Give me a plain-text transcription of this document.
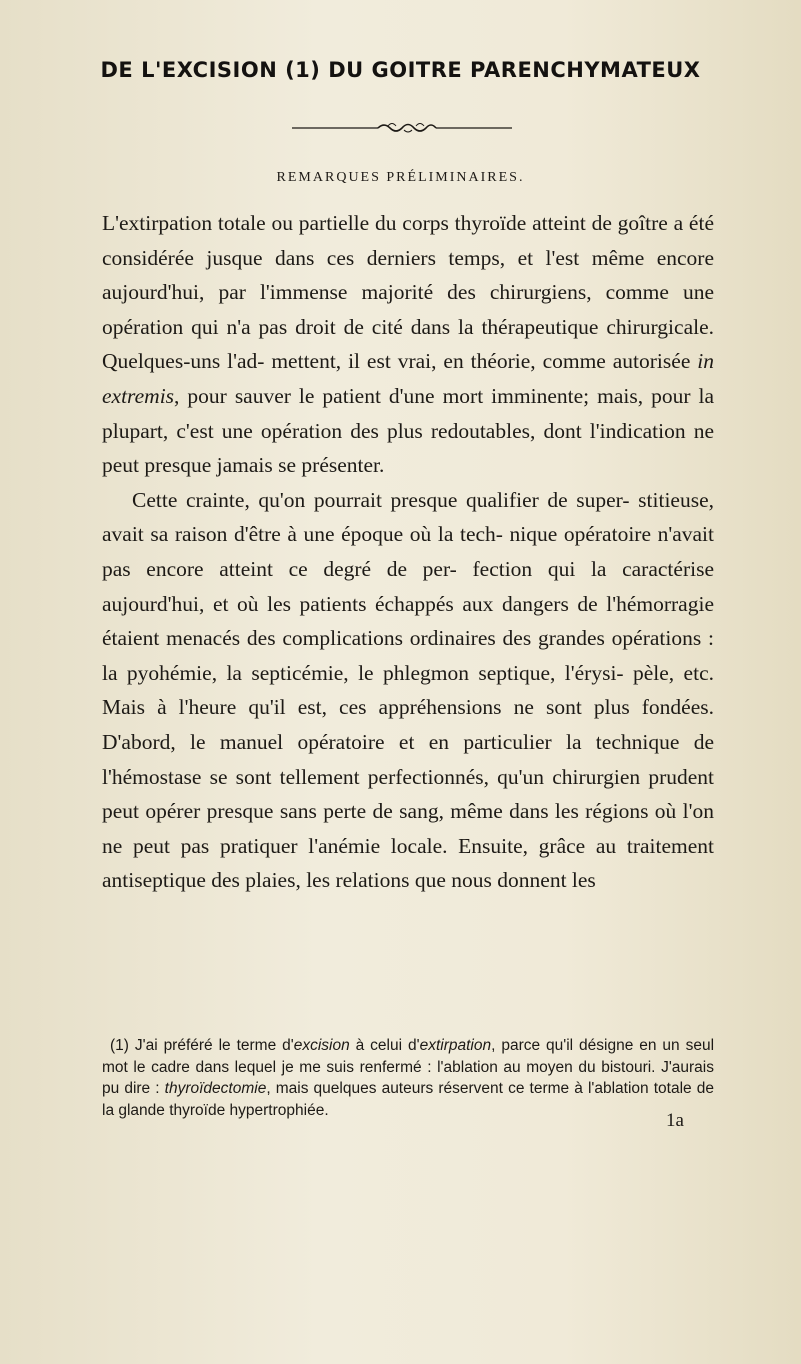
DE L'EXCISION (1) DU GOITRE PARENCHYMATEUX
REMARQUES PRÉLIMINAIRES.

L'extirpation totale ou partielle du corps thyroïde atteint de goître a été considérée jusque dans ces derniers temps, et l'est même encore aujourd'hui, par l'immense majorité des chirurgiens, comme une opération qui n'a pas droit de cité dans la thérapeutique chirurgicale. Quelques-uns l'ad- mettent, il est vrai, en théorie, comme autorisée in extremis, pour sauver le patient d'une mort imminente; mais, pour la plupart, c'est une opération des plus redoutables, dont l'indication ne peut presque jamais se présenter.

Cette crainte, qu'on pourrait presque qualifier de super- stitieuse, avait sa raison d'être à une époque où la tech- nique opératoire n'avait pas encore atteint ce degré de per- fection qui la caractérise aujourd'hui, et où les patients échappés aux dangers de l'hémorragie étaient menacés des complications ordinaires des grandes opérations : la pyohémie, la septicémie, le phlegmon septique, l'érysi- pèle, etc. Mais à l'heure qu'il est, ces appréhensions ne sont plus fondées. D'abord, le manuel opératoire et en particulier la technique de l'hémostase se sont tellement perfectionnés, qu'un chirurgien prudent peut opérer presque sans perte de sang, même dans les régions où l'on ne peut pas pratiquer l'anémie locale. Ensuite, grâce au traitement antiseptique des plaies, les relations que nous donnent les

(1) J'ai préféré le terme d'excision à celui d'extirpation, parce qu'il désigne en un seul mot le cadre dans lequel je me suis renfermé : l'ablation au moyen du bistouri. J'aurais pu dire : thyroïdectomie, mais quelques auteurs réservent ce terme à l'ablation totale de la glande thyroïde hypertrophiée.	1a
